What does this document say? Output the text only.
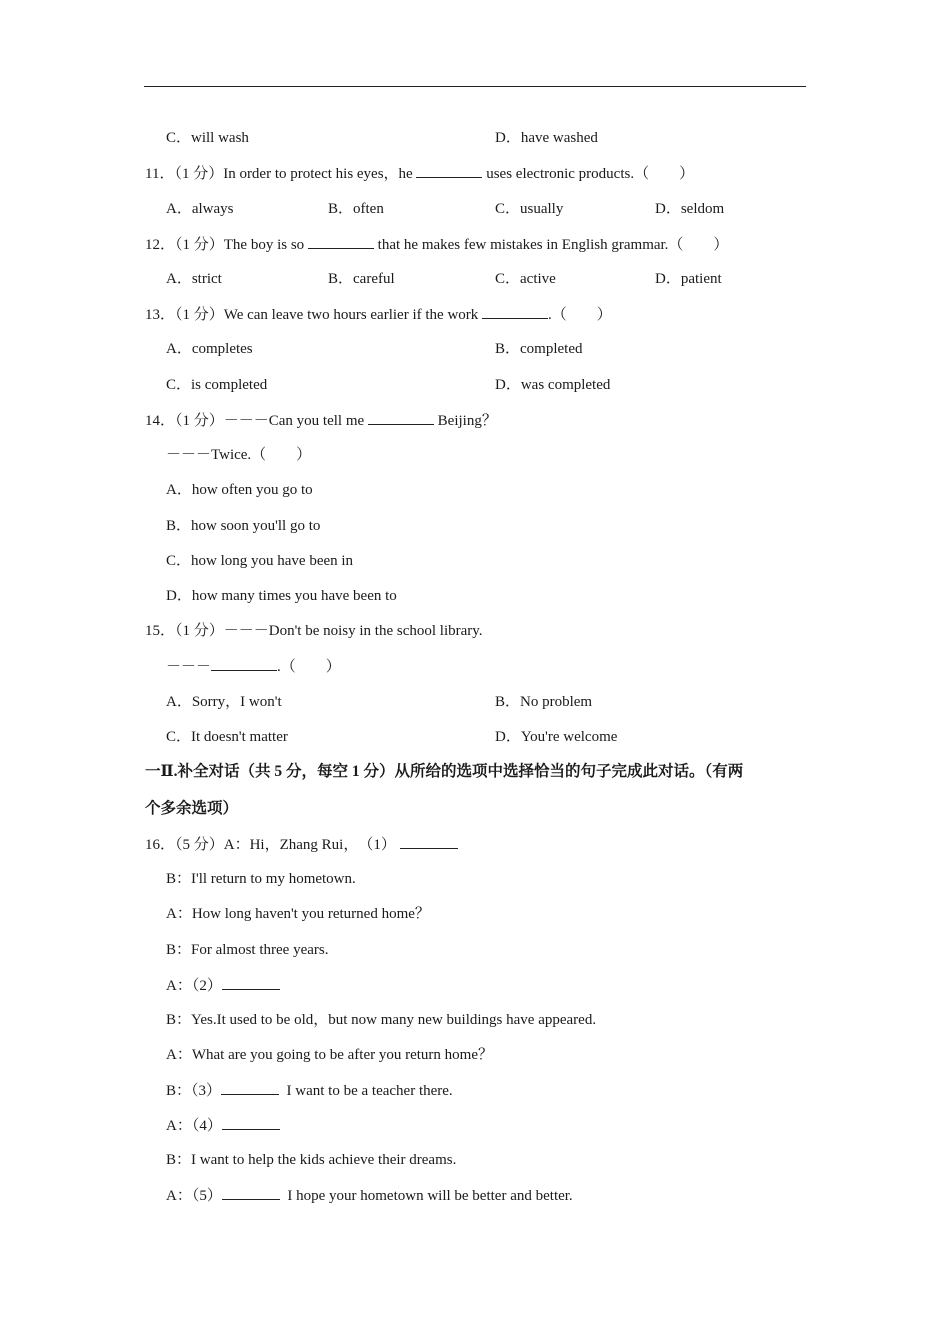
C．will wash	D．have washed
11．（1 分）In order to protect his eyes，he	uses electronic products.（　　）
A．always	B．often	C．usually	D．seldom
12．（1 分）The boy is so	that he makes few mistakes in English grammar.（　　）
A．strict	B．careful	C．active	D．patient
13．（1 分）We can leave two hours earlier if the work	.（　　）
A．completes	B．completed
C．is completed	D．was completed
14．（1 分）－－－Can you tell me	Beijing？
－－－Twice.（　　）
A．how often you go to
B．how soon you'll go to
C．how long you have been in
D．how many times you have been to
15．（1 分）－－－Don't be noisy in the school library.
－－－	.（　　）
A．Sorry，I won't	B．No problem
C．It doesn't matter	D．You're welcome
一Ⅱ.补全对话（共 5 分，每空 1 分）从所给的选项中选择恰当的句子完成此对话。（有两
个多余选项）
16．（5 分）A：Hi，Zhang Rui，　（1）
B：I'll return to my hometown.
A：How long haven't you returned home？
B：For almost three years.
A：（2）
B：Yes.It used to be old，but now many new buildings have appeared.
A：What are you going to be after you return home？
B：（3）	I want to be a teacher there.
A：（4）
B：I want to help the kids achieve their dreams.
A：（5）	I hope your hometown will be better and better.
